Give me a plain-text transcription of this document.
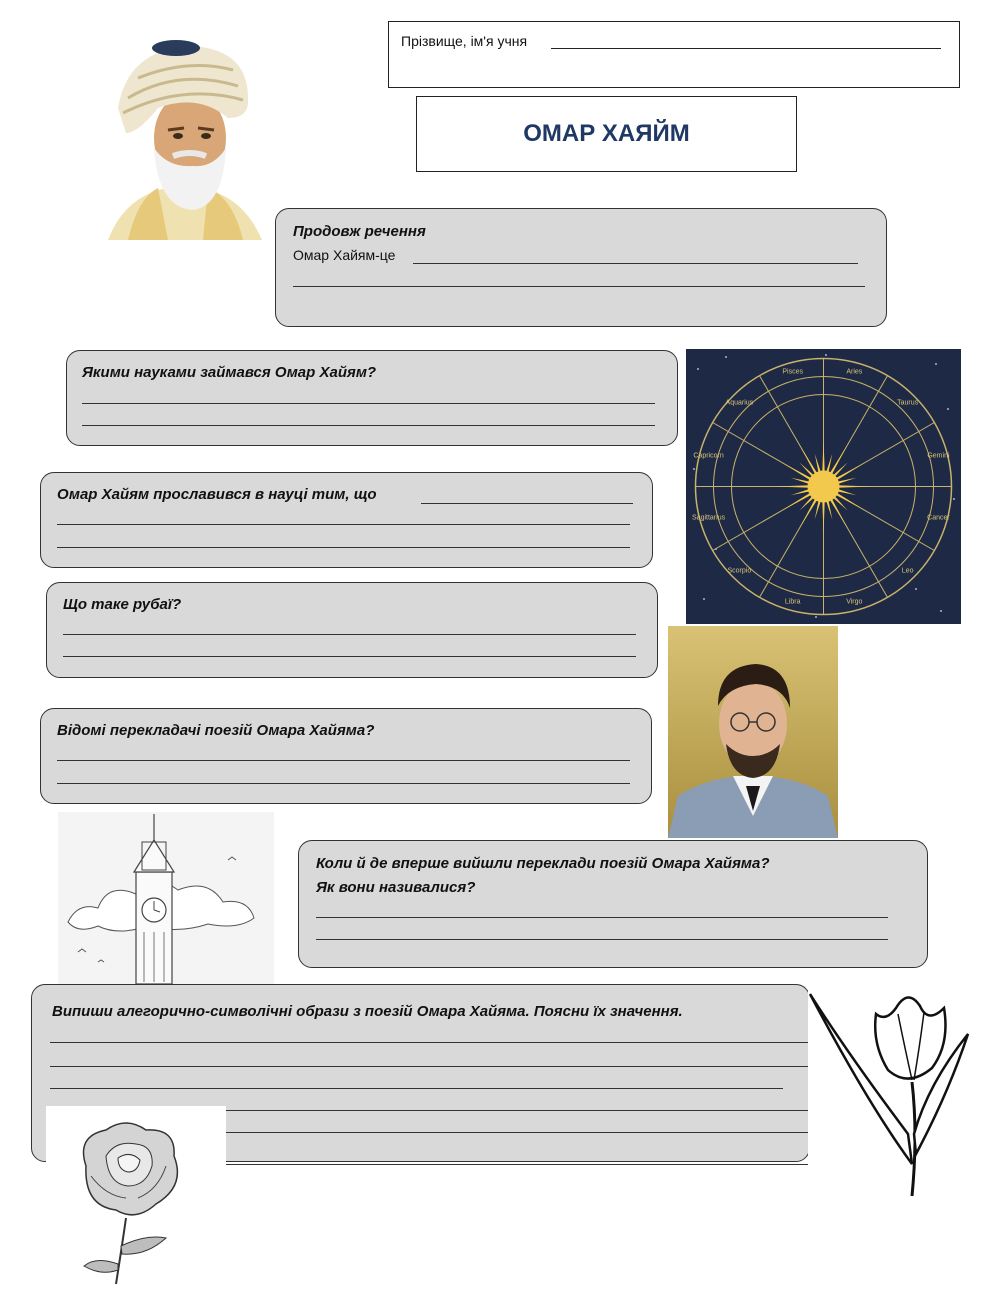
Прізвище, ім'я учня
ОМАР ХАЯЙМ
Продовж речення
Омар Хайям-це
Якими науками займався Омар Хайям?	Aries
Taurus
Gemini
Cancer
Leo
Virgo
Libra
Scorpio
Sagittarius
Capricorn
Aquarius
Pisces
Омар Хайям прославився в науці тим, що
Що таке рубаї?
Відомі перекладачі поезій Омара Хайяма?
Коли й де вперше вийшли переклади поезій Омара Хайяма?
Як вони називалися?
Випиши алегорично-символічні образи з поезій Омара Хайяма. Поясни їх значення.
